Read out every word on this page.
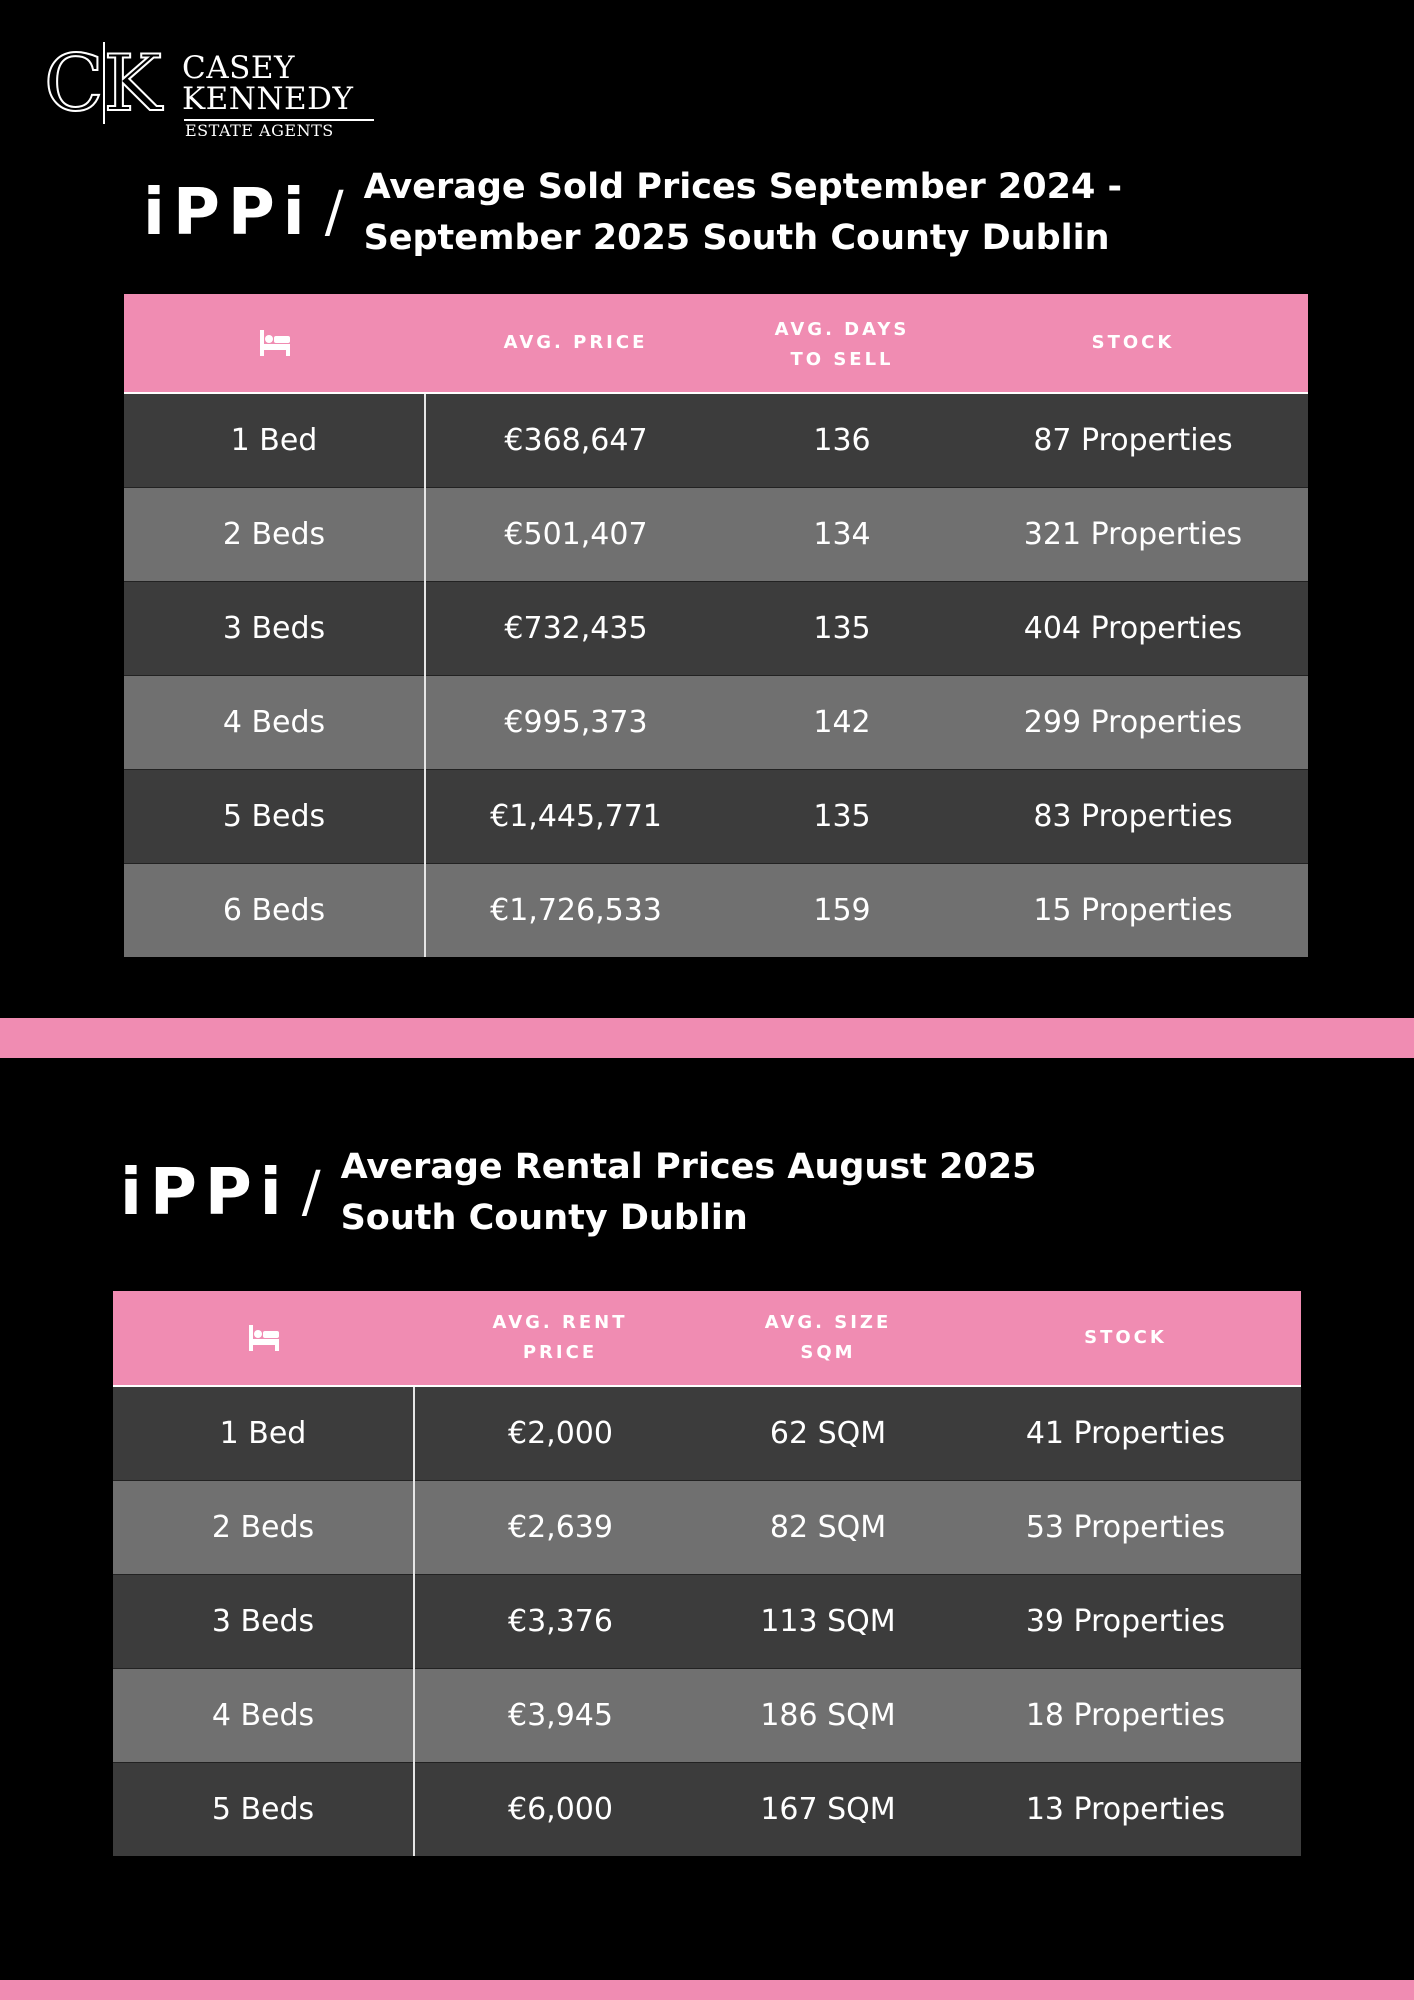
CK CASEY
KENNEDY
ESTATE AGENTS
iPPi / Average Sold Prices September 2024 -September 2025 South County Dublin
	AVG. PRICE	AVG. DAYS TO SELL	STOCK
1 Bed	€368,647	136	87 Properties
2 Beds	€501,407	134	321 Properties
3 Beds	€732,435	135	404 Properties
4 Beds	€995,373	142	299 Properties
5 Beds	€1,445,771	135	83 Properties
6 Beds	€1,726,533	159	15 Properties
iPPi / Average Rental Prices August 2025 South County Dublin
	AVG. RENT PRICE	AVG. SIZE SQM	STOCK
1 Bed	€2,000	62 SQM	41 Properties
2 Beds	€2,639	82 SQM	53 Properties
3 Beds	€3,376	113 SQM	39 Properties
4 Beds	€3,945	186 SQM	18 Properties
5 Beds	€6,000	167 SQM	13 Properties
